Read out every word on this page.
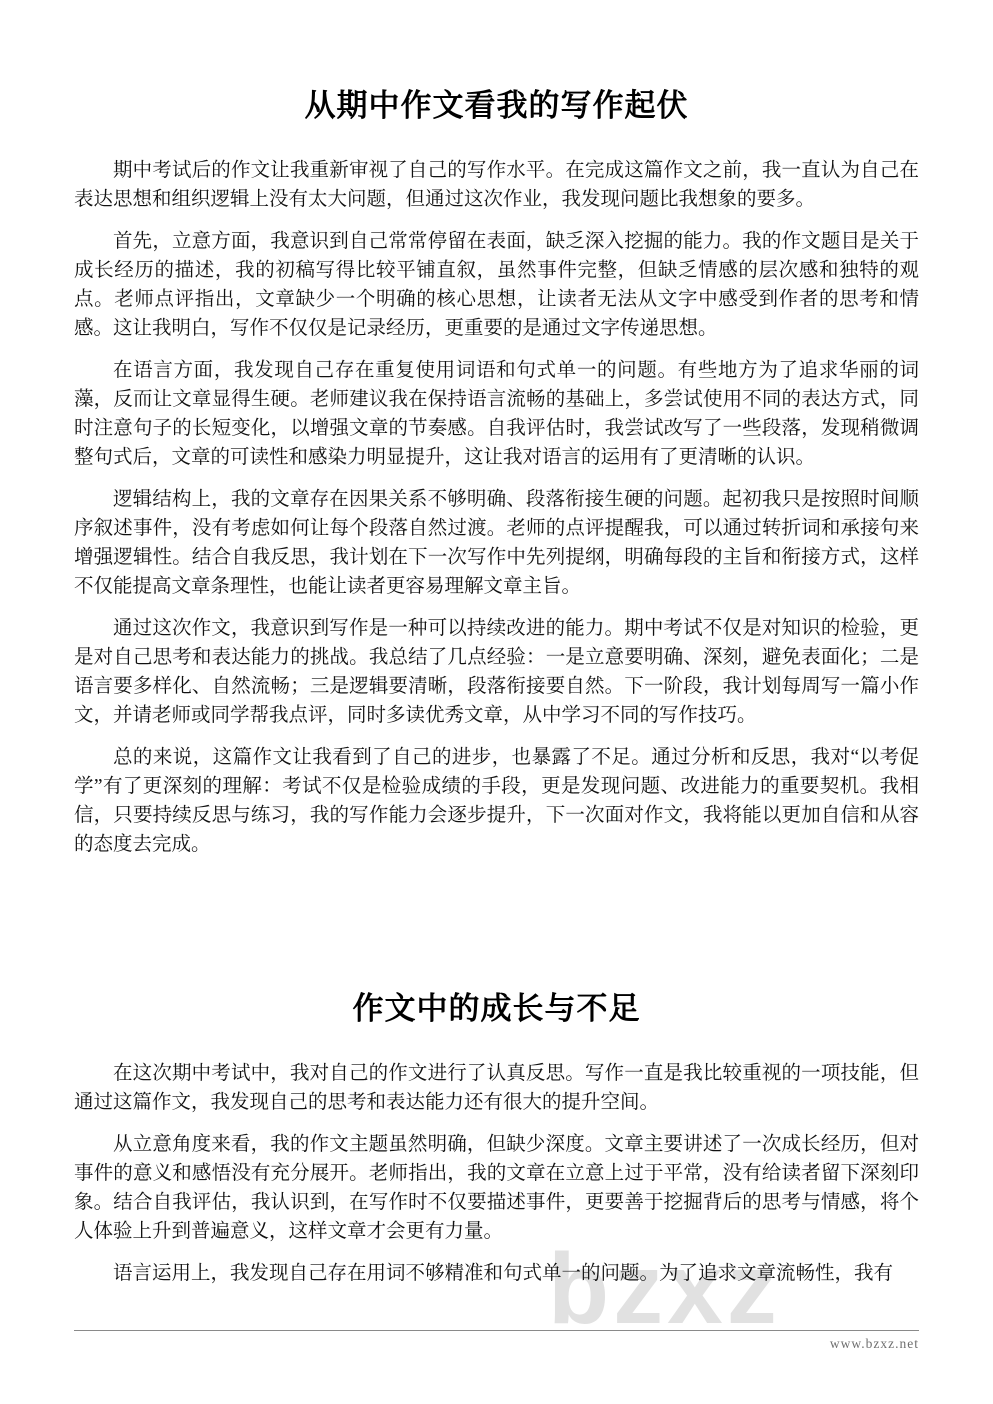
bzxz
从期中作文看我的写作起伏

期中考试后的作文让我重新审视了自己的写作水平。在完成这篇作文之前，我一直认为自己在表达思想和组织逻辑上没有太大问题，但通过这次作业，我发现问题比我想象的要多。

首先，立意方面，我意识到自己常常停留在表面，缺乏深入挖掘的能力。我的作文题目是关于成长经历的描述，我的初稿写得比较平铺直叙，虽然事件完整，但缺乏情感的层次感和独特的观点。老师点评指出，文章缺少一个明确的核心思想，让读者无法从文字中感受到作者的思考和情感。这让我明白，写作不仅仅是记录经历，更重要的是通过文字传递思想。

在语言方面，我发现自己存在重复使用词语和句式单一的问题。有些地方为了追求华丽的词藻，反而让文章显得生硬。老师建议我在保持语言流畅的基础上，多尝试使用不同的表达方式，同时注意句子的长短变化，以增强文章的节奏感。自我评估时，我尝试改写了一些段落，发现稍微调整句式后，文章的可读性和感染力明显提升，这让我对语言的运用有了更清晰的认识。

逻辑结构上，我的文章存在因果关系不够明确、段落衔接生硬的问题。起初我只是按照时间顺序叙述事件，没有考虑如何让每个段落自然过渡。老师的点评提醒我，可以通过转折词和承接句来增强逻辑性。结合自我反思，我计划在下一次写作中先列提纲，明确每段的主旨和衔接方式，这样不仅能提高文章条理性，也能让读者更容易理解文章主旨。

通过这次作文，我意识到写作是一种可以持续改进的能力。期中考试不仅是对知识的检验，更是对自己思考和表达能力的挑战。我总结了几点经验：一是立意要明确、深刻，避免表面化；二是语言要多样化、自然流畅；三是逻辑要清晰，段落衔接要自然。下一阶段，我计划每周写一篇小作文，并请老师或同学帮我点评，同时多读优秀文章，从中学习不同的写作技巧。

总的来说，这篇作文让我看到了自己的进步，也暴露了不足。通过分析和反思，我对“以考促学”有了更深刻的理解：考试不仅是检验成绩的手段，更是发现问题、改进能力的重要契机。我相信，只要持续反思与练习，我的写作能力会逐步提升，下一次面对作文，我将能以更加自信和从容的态度去完成。

作文中的成长与不足

在这次期中考试中，我对自己的作文进行了认真反思。写作一直是我比较重视的一项技能，但通过这篇作文，我发现自己的思考和表达能力还有很大的提升空间。

从立意角度来看，我的作文主题虽然明确，但缺少深度。文章主要讲述了一次成长经历，但对事件的意义和感悟没有充分展开。老师指出，我的文章在立意上过于平常，没有给读者留下深刻印象。结合自我评估，我认识到，在写作时不仅要描述事件，更要善于挖掘背后的思考与情感，将个人体验上升到普遍意义，这样文章才会更有力量。

语言运用上，我发现自己存在用词不够精准和句式单一的问题。为了追求文章流畅性，我有

www.bzxz.net
